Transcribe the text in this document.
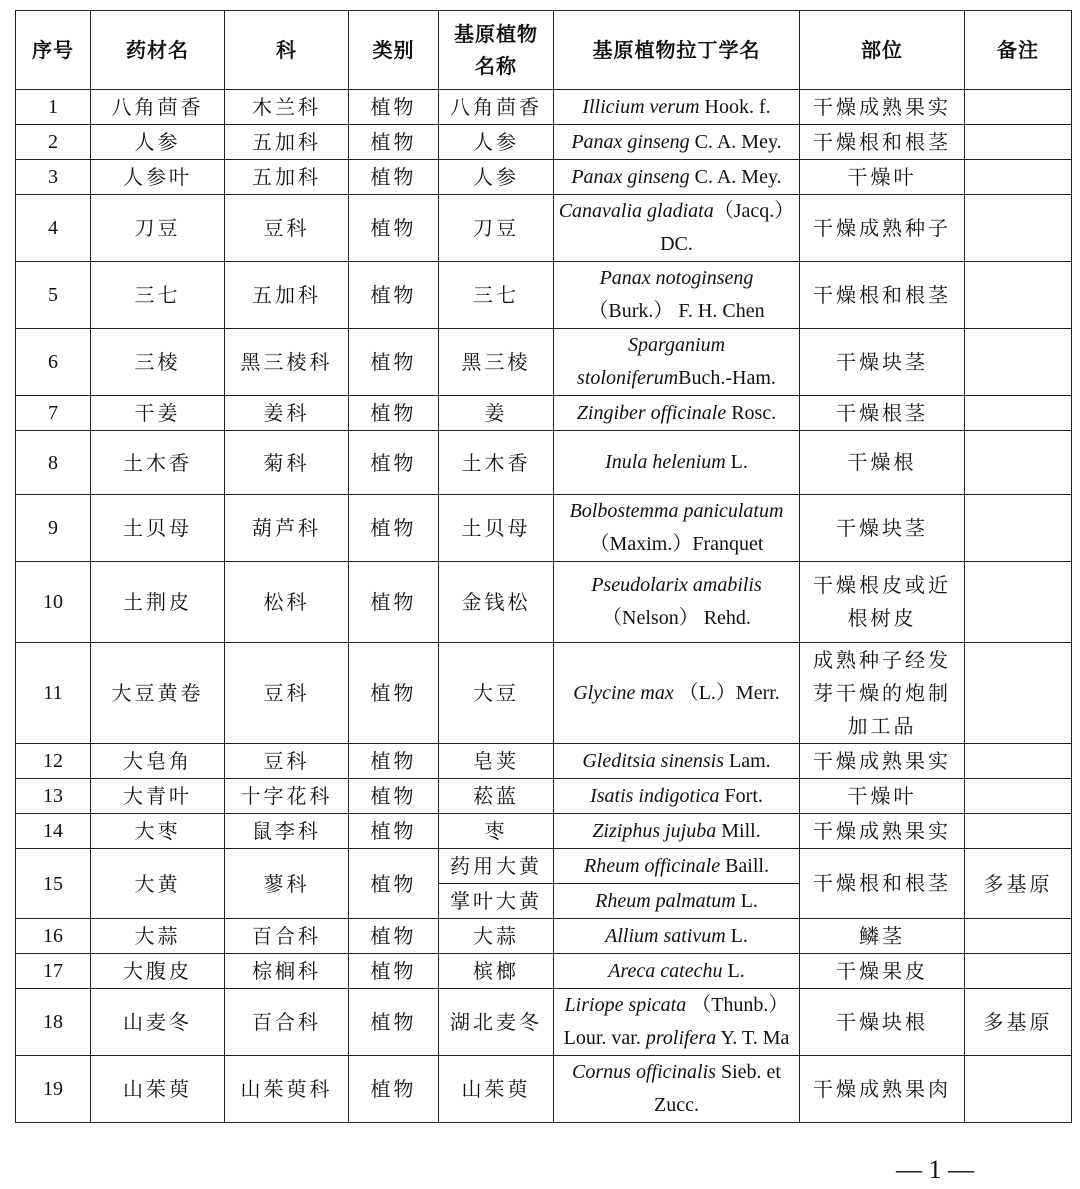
序号	药材名	科	类别	基原植物名称	基原植物拉丁学名	部位	备注
1	八角茴香	木兰科	植物	八角茴香	Illicium verum Hook. f.	干燥成熟果实	
2	人参	五加科	植物	人参	Panax ginseng C. A. Mey.	干燥根和根茎	
3	人参叶	五加科	植物	人参	Panax ginseng C. A. Mey.	干燥叶	
4	刀豆	豆科	植物	刀豆	Canavalia gladiata（Jacq.） DC.	干燥成熟种子	
5	三七	五加科	植物	三七	Panax notoginseng（Burk.） F. H. Chen	干燥根和根茎	
6	三棱	黑三棱科	植物	黑三棱	Sparganium stoloniferumBuch.-Ham.	干燥块茎	
7	干姜	姜科	植物	姜	Zingiber officinale Rosc.	干燥根茎	
8	土木香	菊科	植物	土木香	Inula helenium L.	干燥根	
9	土贝母	葫芦科	植物	土贝母	Bolbostemma paniculatum（Maxim.）Franquet	干燥块茎	
10	土荆皮	松科	植物	金钱松	Pseudolarix amabilis（Nelson） Rehd.	干燥根皮或近根树皮	
11	大豆黄卷	豆科	植物	大豆	Glycine max （L.）Merr.	成熟种子经发芽干燥的炮制加工品	
12	大皂角	豆科	植物	皂荚	Gleditsia sinensis Lam.	干燥成熟果实	
13	大青叶	十字花科	植物	菘蓝	Isatis indigotica Fort.	干燥叶	
14	大枣	鼠李科	植物	枣	Ziziphus jujuba Mill.	干燥成熟果实	
15	大黄	蓼科	植物	药用大黄	Rheum officinale Baill.	干燥根和根茎	多基原
				掌叶大黄	Rheum palmatum L.		
16	大蒜	百合科	植物	大蒜	Allium sativum L.	鳞茎	
17	大腹皮	棕榈科	植物	槟榔	Areca catechu L.	干燥果皮	
18	山麦冬	百合科	植物	湖北麦冬	Liriope spicata （Thunb.） Lour. var. prolifera Y. T. Ma	干燥块根	多基原
19	山茱萸	山茱萸科	植物	山茱萸	Cornus officinalis Sieb. et Zucc.	干燥成熟果肉	
— 1 —
